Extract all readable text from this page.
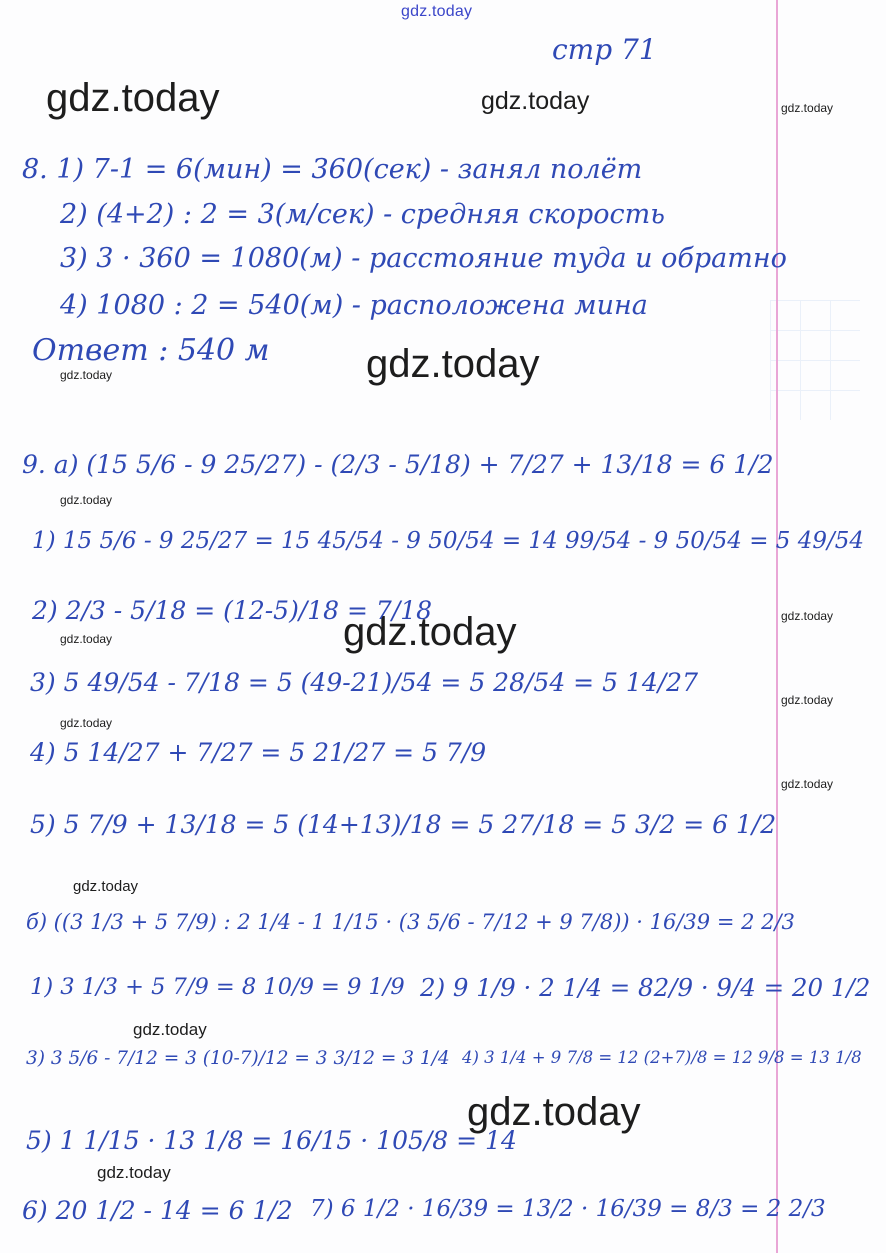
gdz.today
gdz.today	gdz.today
gdz.today
gdz.today
gdz.today
gdz.today
gdz.today
gdz.today
gdz.today
gdz.today
gdz.today
gdz.today
gdz.today
gdz.today
gdz.today
gdz.today
стр 71
8. 1) 7-1 = 6(мин) = 360(сек) - занял полёт
2) (4+2) : 2 = 3(м/сек) - средняя скорость
3) 3 · 360 = 1080(м) - расстояние туда и обратно
4) 1080 : 2 = 540(м) - расположена мина
Ответ : 540 м
9. а) (15 5/6 - 9 25/27) - (2/3 - 5/18) + 7/27 + 13/18 = 6 1/2
1) 15 5/6 - 9 25/27 = 15 45/54 - 9 50/54 = 14 99/54 - 9 50/54 = 5 49/54
2) 2/3 - 5/18 = (12-5)/18 = 7/18
3) 5 49/54 - 7/18 = 5 (49-21)/54 = 5 28/54 = 5 14/27
4) 5 14/27 + 7/27 = 5 21/27 = 5 7/9
5) 5 7/9 + 13/18 = 5 (14+13)/18 = 5 27/18 = 5 3/2 = 6 1/2
б) ((3 1/3 + 5 7/9) : 2 1/4 - 1 1/15 · (3 5/6 - 7/12 + 9 7/8)) · 16/39 = 2 2/3
1) 3 1/3 + 5 7/9 = 8 10/9 = 9 1/9 2) 9 1/9 · 2 1/4 = 82/9 · 9/4 = 20 1/2
3) 3 5/6 - 7/12 = 3 (10-7)/12 = 3 3/12 = 3 1/4 4) 3 1/4 + 9 7/8 = 12 (2+7)/8 = 12 9/8 = 13 1/8
5) 1 1/15 · 13 1/8 = 16/15 · 105/8 = 14
6) 20 1/2 - 14 = 6 1/2 7) 6 1/2 · 16/39 = 13/2 · 16/39 = 8/3 = 2 2/3
